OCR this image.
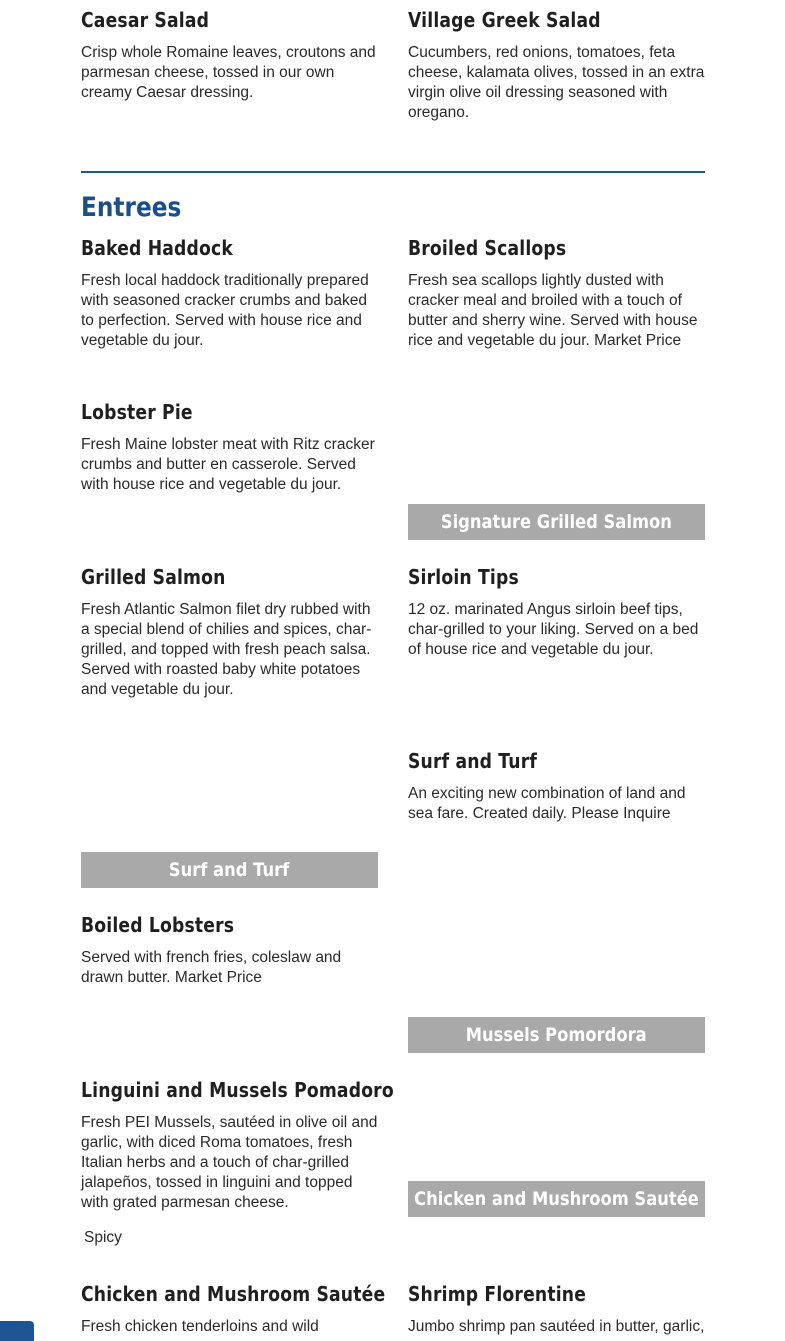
Caesar Salad
Crisp whole Romaine leaves, croutons and parmesan cheese, tossed in our own creamy Caesar dressing.
Village Greek Salad
Cucumbers, red onions, tomatoes, feta cheese, kalamata olives, tossed in an extra virgin olive oil dressing seasoned with oregano.
Entrees
Baked Haddock
Fresh local haddock traditionally prepared with seasoned cracker crumbs and baked to perfection. Served with house rice and vegetable du jour.
Broiled Scallops
Fresh sea scallops lightly dusted with cracker meal and broiled with a touch of butter and sherry wine. Served with house rice and vegetable du jour. Market Price
Lobster Pie
Fresh Maine lobster meat with Ritz cracker crumbs and butter en casserole. Served with house rice and vegetable du jour.
Signature Grilled Salmon
Grilled Salmon
Fresh Atlantic Salmon filet dry rubbed with a special blend of chilies and spices, char-grilled, and topped with fresh peach salsa. Served with roasted baby white potatoes and vegetable du jour.
Sirloin Tips
12 oz. marinated Angus sirloin beef tips, char-grilled to your liking. Served on a bed of house rice and vegetable du jour.
Surf and Turf
An exciting new combination of land and sea fare. Created daily. Please Inquire
Surf and Turf
Boiled Lobsters
Served with french fries, coleslaw and drawn butter. Market Price
Mussels Pomordora
Linguini and Mussels Pomadoro
Fresh PEI Mussels, sautéed in olive oil and garlic, with diced Roma tomatoes, fresh Italian herbs and a touch of char-grilled jalapeños, tossed in linguini and topped with grated parmesan cheese.
Spicy
Chicken and Mushroom Sautée
Chicken and Mushroom Sautée
Fresh chicken tenderloins and wild
Shrimp Florentine
Jumbo shrimp pan sautéed in butter, garlic,
